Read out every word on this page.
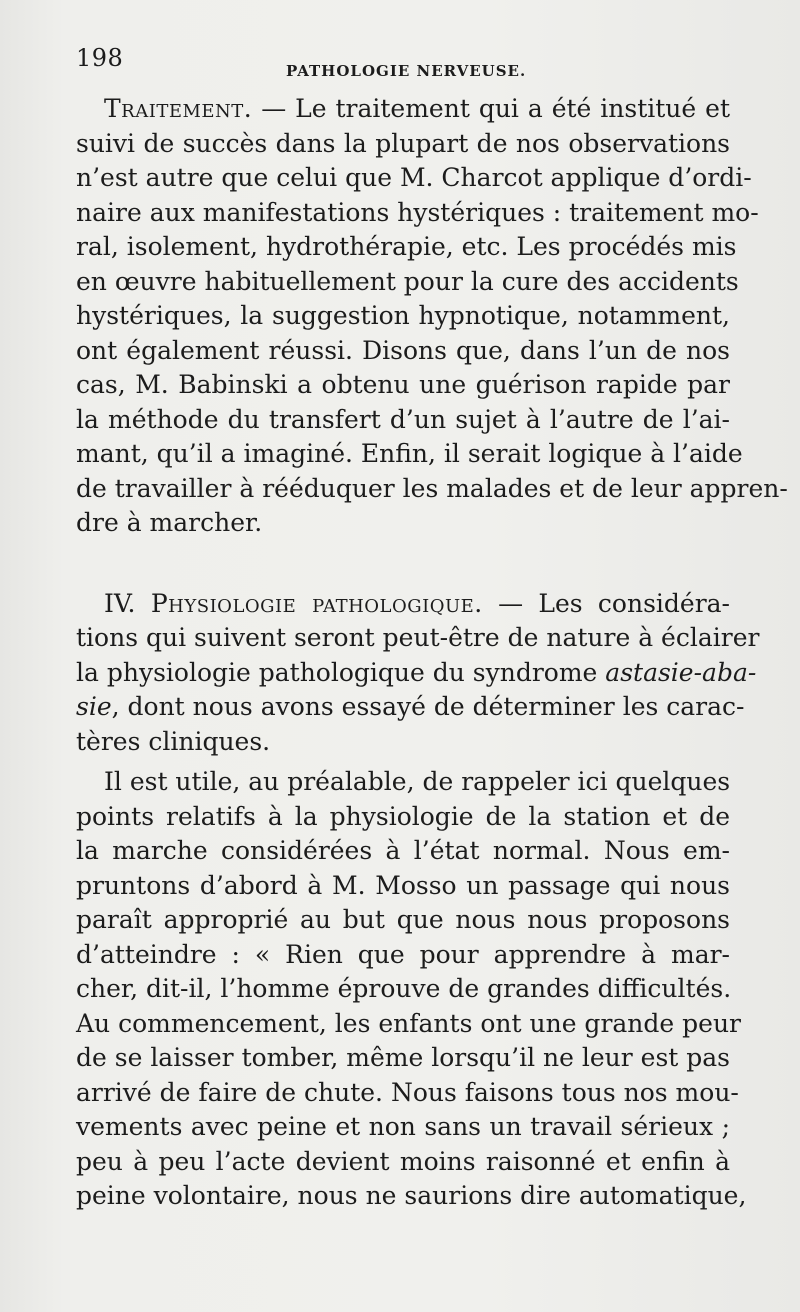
198	PATHOLOGIE NERVEUSE.
Traitement. — Le traitement qui a été institué et
suivi de succès dans la plupart de nos observations
n’est autre que celui que M. Charcot applique d’ordi-
naire aux manifestations hystériques : traitement mo-
ral, isolement, hydrothérapie, etc. Les procédés mis
en œuvre habituellement pour la cure des accidents
hystériques, la suggestion hypnotique, notamment,
ont également réussi. Disons que, dans l’un de nos
cas, M. Babinski a obtenu une guérison rapide par
la méthode du transfert d’un sujet à l’autre de l’ai-
mant, qu’il a imaginé. Enfin, il serait logique à l’aide
de travailler à rééduquer les malades et de leur appren-
dre à marcher.
IV. Physiologie pathologique. — Les considéra-
tions qui suivent seront peut-être de nature à éclairer
la physiologie pathologique du syndrome astasie-aba-
sie, dont nous avons essayé de déterminer les carac-
tères cliniques.
Il est utile, au préalable, de rappeler ici quelques
points relatifs à la physiologie de la station et de
la marche considérées à l’état normal. Nous em-
pruntons d’abord à M. Mosso un passage qui nous
paraît approprié au but que nous nous proposons
d’atteindre : « Rien que pour apprendre à mar-
cher, dit-il, l’homme éprouve de grandes difficultés.
Au commencement, les enfants ont une grande peur
de se laisser tomber, même lorsqu’il ne leur est pas
arrivé de faire de chute. Nous faisons tous nos mou-
vements avec peine et non sans un travail sérieux ;
peu à peu l’acte devient moins raisonné et enfin à
peine volontaire, nous ne saurions dire automatique,
